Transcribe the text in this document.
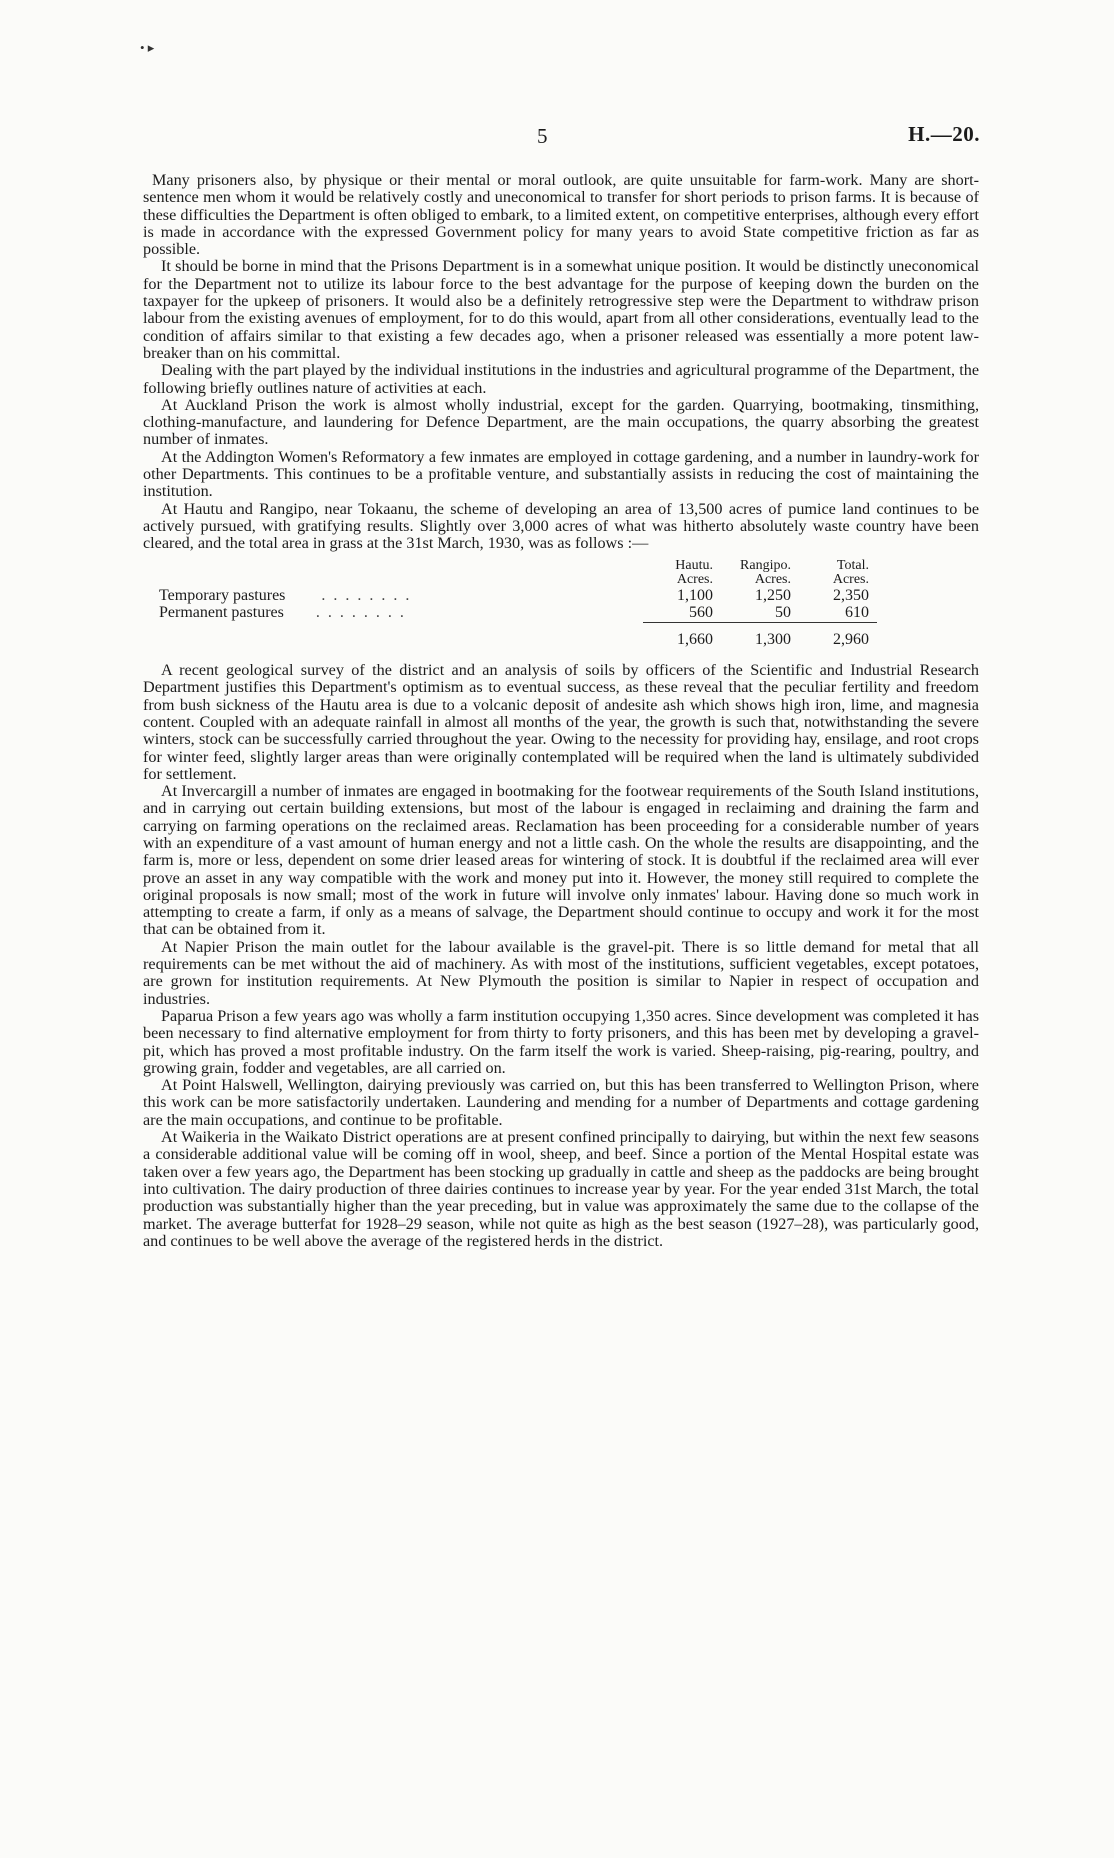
• ▸
5	H.—20.

Many prisoners also, by physique or their mental or moral outlook, are quite unsuitable for farm-work. Many are short-sentence men whom it would be relatively costly and uneconomical to transfer for short periods to prison farms. It is because of these difficulties the Department is often obliged to embark, to a limited extent, on competitive enterprises, although every effort is made in accordance with the expressed Government policy for many years to avoid State competitive friction as far as possible.

It should be borne in mind that the Prisons Department is in a somewhat unique position. It would be distinctly uneconomical for the Department not to utilize its labour force to the best advantage for the purpose of keeping down the burden on the taxpayer for the upkeep of prisoners. It would also be a definitely retrogressive step were the Department to withdraw prison labour from the existing avenues of employment, for to do this would, apart from all other considerations, eventually lead to the condition of affairs similar to that existing a few decades ago, when a prisoner released was essentially a more potent law-breaker than on his committal.

Dealing with the part played by the individual institutions in the industries and agricultural programme of the Department, the following briefly outlines nature of activities at each.

At Auckland Prison the work is almost wholly industrial, except for the garden. Quarrying, bootmaking, tinsmithing, clothing-manufacture, and laundering for Defence Department, are the main occupations, the quarry absorbing the greatest number of inmates.

At the Addington Women's Reformatory a few inmates are employed in cottage gardening, and a number in laundry-work for other Departments. This continues to be a profitable venture, and substantially assists in reducing the cost of maintaining the institution.

At Hautu and Rangipo, near Tokaanu, the scheme of developing an area of 13,500 acres of pumice land continues to be actively pursued, with gratifying results. Slightly over 3,000 acres of what was hitherto absolutely waste country have been cleared, and the total area in grass at the 31st March, 1930, was as follows :—

	Hautu.	Rangipo.	Total.
	Acres.	Acres.	Acres.
Temporary pastures . . . . . . . .	1,100	1,250	2,350
Permanent pastures . . . . . . . .	560	50	610
	1,660	1,300	2,960

A recent geological survey of the district and an analysis of soils by officers of the Scientific and Industrial Research Department justifies this Department's optimism as to eventual success, as these reveal that the peculiar fertility and freedom from bush sickness of the Hautu area is due to a volcanic deposit of andesite ash which shows high iron, lime, and magnesia content. Coupled with an adequate rainfall in almost all months of the year, the growth is such that, notwithstanding the severe winters, stock can be successfully carried throughout the year. Owing to the necessity for providing hay, ensilage, and root crops for winter feed, slightly larger areas than were originally contemplated will be required when the land is ultimately subdivided for settlement.

At Invercargill a number of inmates are engaged in bootmaking for the footwear requirements of the South Island institutions, and in carrying out certain building extensions, but most of the labour is engaged in reclaiming and draining the farm and carrying on farming operations on the reclaimed areas. Reclamation has been proceeding for a considerable number of years with an expenditure of a vast amount of human energy and not a little cash. On the whole the results are disappointing, and the farm is, more or less, dependent on some drier leased areas for wintering of stock. It is doubtful if the reclaimed area will ever prove an asset in any way compatible with the work and money put into it. However, the money still required to complete the original proposals is now small; most of the work in future will involve only inmates' labour. Having done so much work in attempting to create a farm, if only as a means of salvage, the Department should continue to occupy and work it for the most that can be obtained from it.

At Napier Prison the main outlet for the labour available is the gravel-pit. There is so little demand for metal that all requirements can be met without the aid of machinery. As with most of the institutions, sufficient vegetables, except potatoes, are grown for institution requirements. At New Plymouth the position is similar to Napier in respect of occupation and industries.

Paparua Prison a few years ago was wholly a farm institution occupying 1,350 acres. Since development was completed it has been necessary to find alternative employment for from thirty to forty prisoners, and this has been met by developing a gravel-pit, which has proved a most profitable industry. On the farm itself the work is varied. Sheep-raising, pig-rearing, poultry, and growing grain, fodder and vegetables, are all carried on.

At Point Halswell, Wellington, dairying previously was carried on, but this has been transferred to Wellington Prison, where this work can be more satisfactorily undertaken. Laundering and mending for a number of Departments and cottage gardening are the main occupations, and continue to be profitable.

At Waikeria in the Waikato District operations are at present confined principally to dairying, but within the next few seasons a considerable additional value will be coming off in wool, sheep, and beef. Since a portion of the Mental Hospital estate was taken over a few years ago, the Department has been stocking up gradually in cattle and sheep as the paddocks are being brought into cultivation. The dairy production of three dairies continues to increase year by year. For the year ended 31st March, the total production was substantially higher than the year preceding, but in value was approximately the same due to the collapse of the market. The average butterfat for 1928–29 season, while not quite as high as the best season (1927–28), was particularly good, and continues to be well above the average of the registered herds in the district.
